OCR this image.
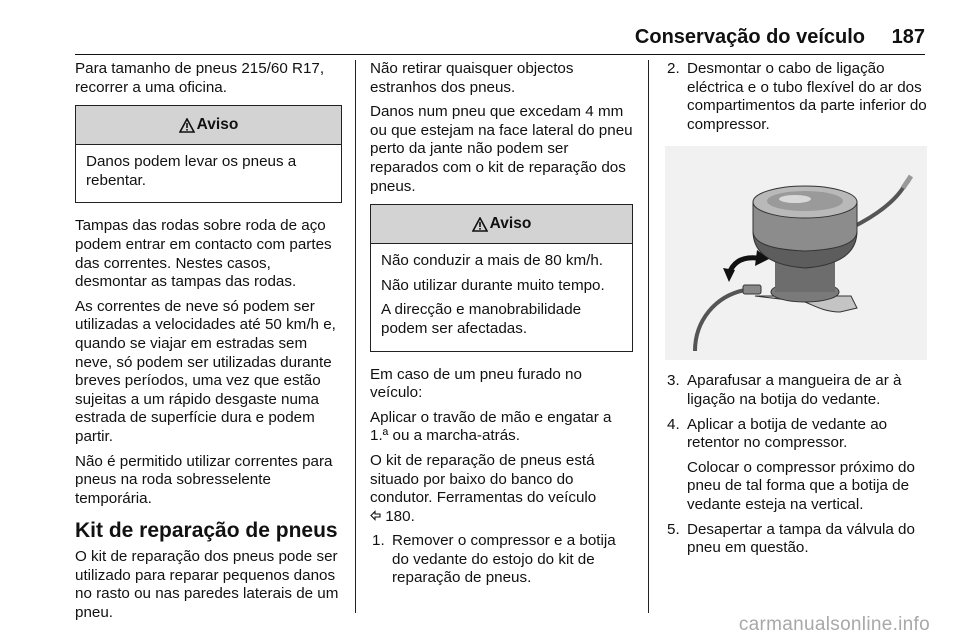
Conservação do veículo 187

Para tamanho de pneus 215/60 R17, recorrer a uma oficina.

Aviso

Danos podem levar os pneus a rebentar.

Tampas das rodas sobre roda de aço podem entrar em contacto com partes das correntes. Nestes casos, desmontar as tampas das rodas.

As correntes de neve só podem ser utilizadas a velocidades até 50 km/h e, quando se viajar em estradas sem neve, só podem ser utilizadas durante breves períodos, uma vez que estão sujeitas a um rápido desgaste numa estrada de superfície dura e podem partir.

Não é permitido utilizar correntes para pneus na roda sobresselente temporária.

Kit de reparação de pneus

O kit de reparação dos pneus pode ser utilizado para reparar pequenos danos no rasto ou nas paredes laterais de um pneu.

Não retirar quaisquer objectos estranhos dos pneus.

Danos num pneu que excedam 4 mm ou que estejam na face lateral do pneu perto da jante não podem ser reparados com o kit de reparação dos pneus.

Aviso

Não conduzir a mais de 80 km/h.

Não utilizar durante muito tempo.

A direcção e manobrabilidade podem ser afectadas.

Em caso de um pneu furado no veículo:

Aplicar o travão de mão e engatar a 1.ª ou a marcha-atrás.

O kit de reparação de pneus está situado por baixo do banco do condutor. Ferramentas do veículo
180.

1. Remover o compressor e a botija do vedante do estojo do kit de reparação de pneus.
2. Desmontar o cabo de ligação eléctrica e o tubo flexível do ar dos compartimentos da parte inferior do compressor.
3. Aparafusar a mangueira de ar à ligação na botija do vedante.
4. Aplicar a botija de vedante ao retentor no compressor.

Colocar o compressor próximo do pneu de tal forma que a botija de vedante esteja na vertical.

5. Desapertar a tampa da válvula do pneu em questão.
carmanualsonline.info
